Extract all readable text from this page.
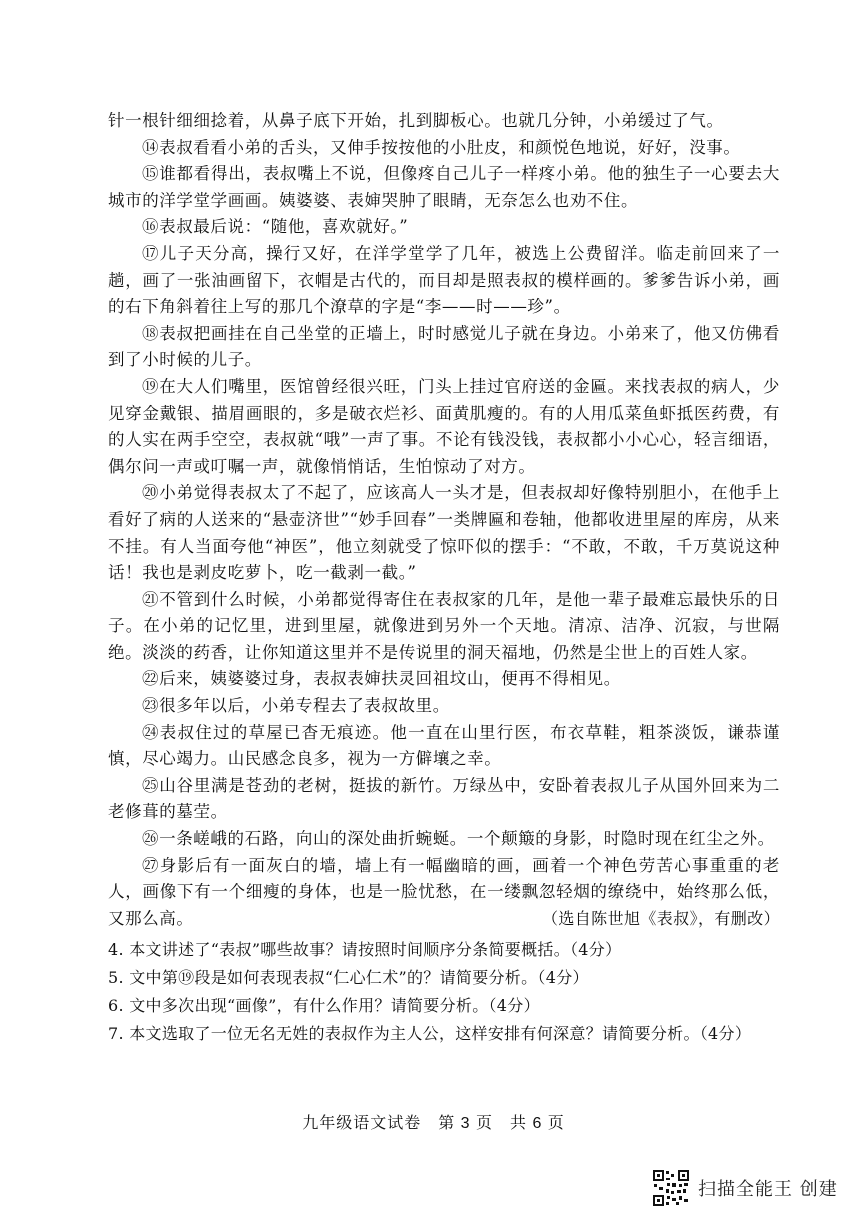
针一根针细细捻着，从鼻子底下开始，扎到脚板心。也就几分钟，小弟缓过了气。

⑭表叔看看小弟的舌头，又伸手按按他的小肚皮，和颜悦色地说，好好，没事。

⑮谁都看得出，表叔嘴上不说，但像疼自己儿子一样疼小弟。他的独生子一心要去大城市的洋学堂学画画。姨婆婆、表婶哭肿了眼睛，无奈怎么也劝不住。

⑯表叔最后说：“随他，喜欢就好。”

⑰儿子天分高，操行又好，在洋学堂学了几年，被选上公费留洋。临走前回来了一趟，画了一张油画留下，衣帽是古代的，而目却是照表叔的模样画的。爹爹告诉小弟，画的右下角斜着往上写的那几个潦草的字是“李——时——珍”。

⑱表叔把画挂在自己坐堂的正墙上，时时感觉儿子就在身边。小弟来了，他又仿佛看到了小时候的儿子。

⑲在大人们嘴里，医馆曾经很兴旺，门头上挂过官府送的金匾。来找表叔的病人，少见穿金戴银、描眉画眼的，多是破衣烂衫、面黄肌瘦的。有的人用瓜菜鱼虾抵医药费，有的人实在两手空空，表叔就“哦”一声了事。不论有钱没钱，表叔都小小心心，轻言细语，偶尔问一声或叮嘱一声，就像悄悄话，生怕惊动了对方。

⑳小弟觉得表叔太了不起了，应该高人一头才是，但表叔却好像特别胆小，在他手上看好了病的人送来的“悬壶济世”“妙手回春”一类牌匾和卷轴，他都收进里屋的库房，从来不挂。有人当面夸他“神医”，他立刻就受了惊吓似的摆手：“不敢，不敢，千万莫说这种话！我也是剥皮吃萝卜，吃一截剥一截。”

㉑不管到什么时候，小弟都觉得寄住在表叔家的几年，是他一辈子最难忘最快乐的日子。在小弟的记忆里，进到里屋，就像进到另外一个天地。清凉、洁净、沉寂，与世隔绝。淡淡的药香，让你知道这里并不是传说里的洞天福地，仍然是尘世上的百姓人家。

㉒后来，姨婆婆过身，表叔表婶扶灵回祖坟山，便再不得相见。

㉓很多年以后，小弟专程去了表叔故里。

㉔表叔住过的草屋已杳无痕迹。他一直在山里行医，布衣草鞋，粗茶淡饭，谦恭谨慎，尽心竭力。山民感念良多，视为一方僻壤之幸。

㉕山谷里满是苍劲的老树，挺拔的新竹。万绿丛中，安卧着表叔儿子从国外回来为二老修葺的墓茔。

㉖一条嵯峨的石路，向山的深处曲折蜿蜒。一个颠簸的身影，时隐时现在红尘之外。

㉗身影后有一面灰白的墙，墙上有一幅幽暗的画，画着一个神色劳苦心事重重的老人，画像下有一个细瘦的身体，也是一脸忧愁，在一缕飘忽轻烟的缭绕中，始终那么低，又那么高。	（选自陈世旭《表叔》，有删改）

4. 本文讲述了“表叔”哪些故事？请按照时间顺序分条简要概括。（4分）

5. 文中第⑲段是如何表现表叔“仁心仁术”的？请简要分析。（4分）

6. 文中多次出现“画像”，有什么作用？请简要分析。（4分）

7. 本文选取了一位无名无姓的表叔作为主人公，这样安排有何深意？请简要分析。（4分）

九年级语文试卷　第 3 页　共 6 页
扫描全能王 创建
